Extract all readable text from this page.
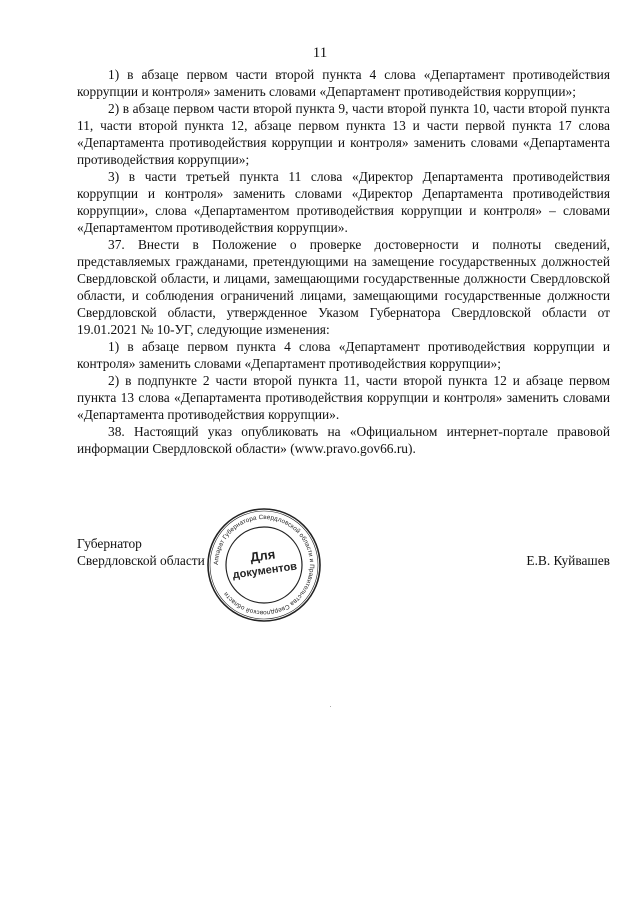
11

1) в абзаце первом части второй пункта 4 слова «Департамент противодействия коррупции и контроля» заменить словами «Департамент противодействия коррупции»;

2) в абзаце первом части второй пункта 9, части второй пункта 10, части второй пункта 11, части второй пункта 12, абзаце первом пункта 13 и части первой пункта 17 слова «Департамента противодействия коррупции и контроля» заменить словами «Департамента противодействия коррупции»;

3) в части третьей пункта 11 слова «Директор Департамента противодействия коррупции и контроля» заменить словами «Директор Департамента противодействия коррупции», слова «Департаментом противодействия коррупции и контроля» – словами «Департаментом противодействия коррупции».

37. Внести в Положение о проверке достоверности и полноты сведений, представляемых гражданами, претендующими на замещение государственных должностей Свердловской области, и лицами, замещающими государственные должности Свердловской области, и соблюдения ограничений лицами, замещающими государственные должности Свердловской области, утвержденное Указом Губернатора Свердловской области от 19.01.2021 № 10-УГ, следующие изменения:

1) в абзаце первом пункта 4 слова «Департамент противодействия коррупции и контроля» заменить словами «Департамент противодействия коррупции»;

2) в подпункте 2 части второй пункта 11, части второй пункта 12 и абзаце первом пункта 13 слова «Департамента противодействия коррупции и контроля» заменить словами «Департамента противодействия коррупции».

38. Настоящий указ опубликовать на «Официальном интернет-портале правовой информации Свердловской области» (www.pravo.gov66.ru).

Губернатор
Свердловской области	Е.В. Куйвашев
Аппарат Губернатора Свердловской области и Правительства Свердловской области
Для
документов
